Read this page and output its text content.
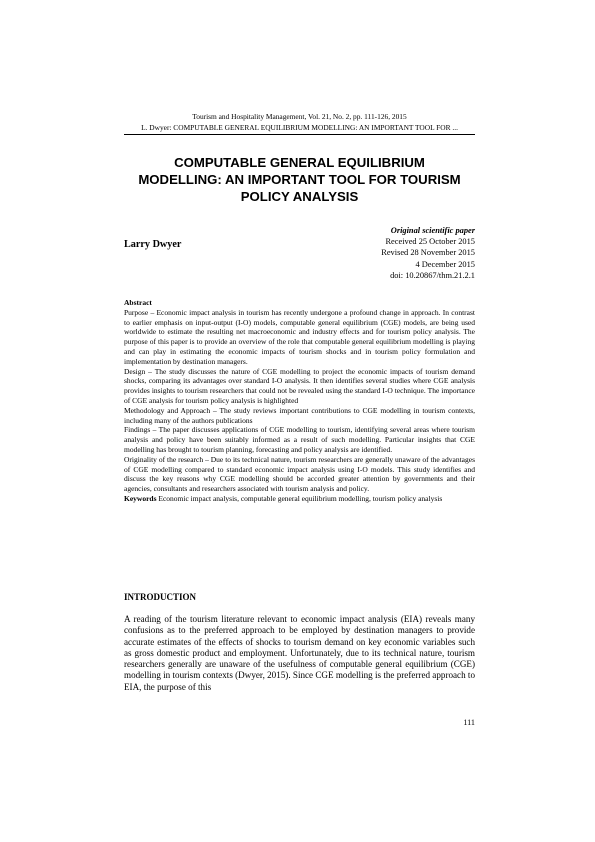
Tourism and Hospitality Management, Vol. 21, No. 2, pp. 111-126, 2015
L. Dwyer: COMPUTABLE GENERAL EQUILIBRIUM MODELLING: AN IMPORTANT TOOL FOR ...
COMPUTABLE GENERAL EQUILIBRIUM
MODELLING: AN IMPORTANT TOOL FOR TOURISM
POLICY ANALYSIS
Larry Dwyer
Original scientific paper
Received 25 October 2015
Revised 28 November 2015
4 December 2015
doi: 10.20867/thm.21.2.1
Abstract

Purpose – Economic impact analysis in tourism has recently undergone a profound change in approach. In contrast to earlier emphasis on input-output (I-O) models, computable general equilibrium (CGE) models, are being used worldwide to estimate the resulting net macroeconomic and industry effects and for tourism policy analysis. The purpose of this paper is to provide an overview of the role that computable general equilibrium modelling is playing and can play in estimating the economic impacts of tourism shocks and in tourism policy formulation and implementation by destination managers.

Design – The study discusses the nature of CGE modelling to project the economic impacts of tourism demand shocks, comparing its advantages over standard I-O analysis. It then identifies several studies where CGE analysis provides insights to tourism researchers that could not be revealed using the standard I-O technique. The importance of CGE analysis for tourism policy analysis is highlighted

Methodology and Approach – The study reviews important contributions to CGE modelling in tourism contexts, including many of the authors publications

Findings – The paper discusses applications of CGE modelling to tourism, identifying several areas where tourism analysis and policy have been suitably informed as a result of such modelling. Particular insights that CGE modelling has brought to tourism planning, forecasting and policy analysis are identified.

Originality of the research – Due to its technical nature, tourism researchers are generally unaware of the advantages of CGE modelling compared to standard economic impact analysis using I-O models. This study identifies and discuss the key reasons why CGE modelling should be accorded greater attention by governments and their agencies, consultants and researchers associated with tourism analysis and policy.

Keywords Economic impact analysis, computable general equilibrium modelling, tourism policy analysis

INTRODUCTION

A reading of the tourism literature relevant to economic impact analysis (EIA) reveals many confusions as to the preferred approach to be employed by destination managers to provide accurate estimates of the effects of shocks to tourism demand on key economic variables such as gross domestic product and employment. Unfortunately, due to its technical nature, tourism researchers generally are unaware of the usefulness of computable general equilibrium (CGE) modelling in tourism contexts (Dwyer, 2015). Since CGE modelling is the preferred approach to EIA, the purpose of this

111
